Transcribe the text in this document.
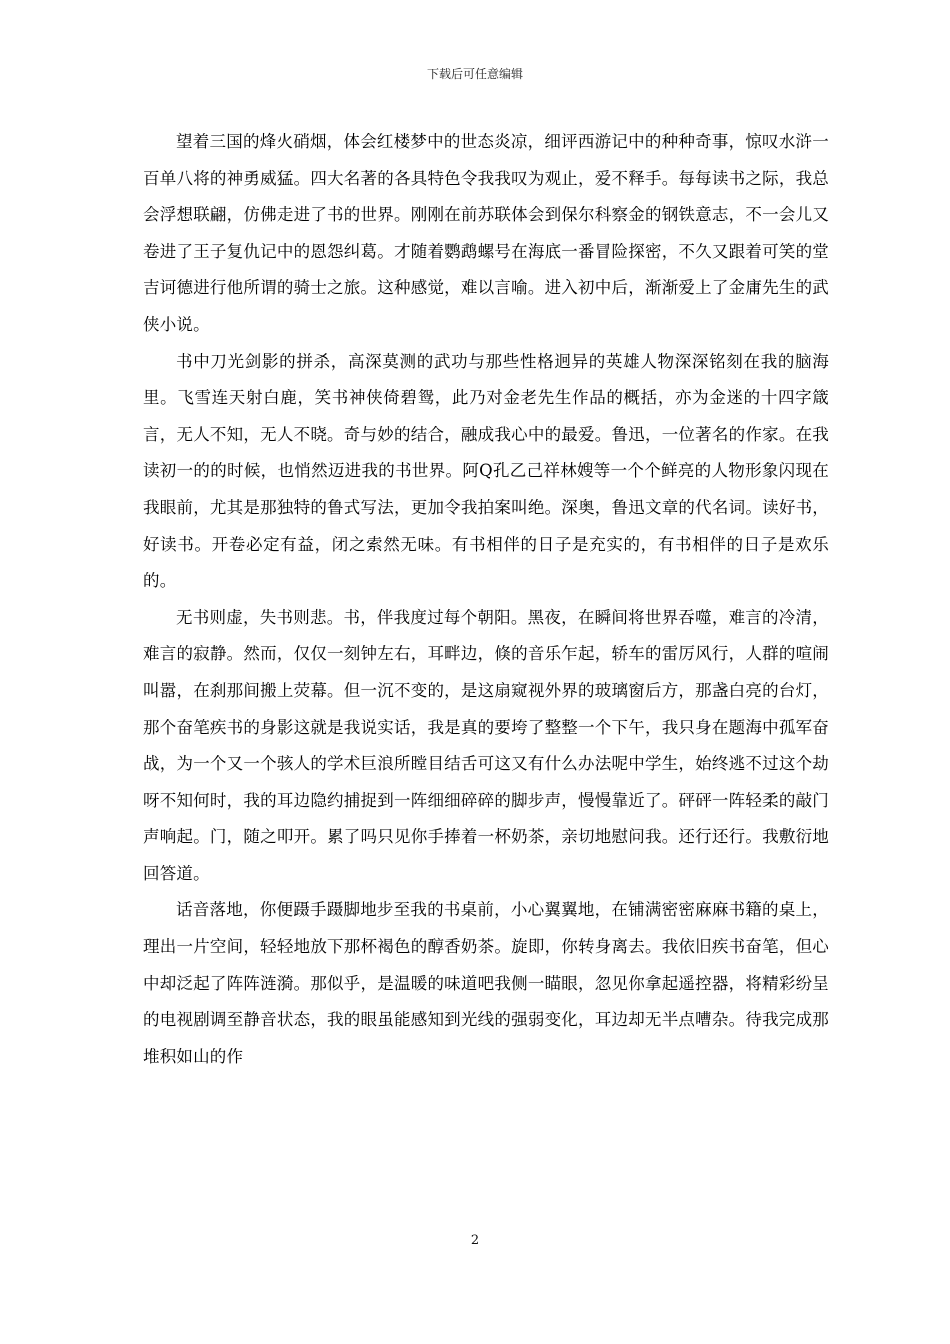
下载后可任意编辑

望着三国的烽火硝烟，体会红楼梦中的世态炎凉，细评西游记中的种种奇事，惊叹水浒一百单八将的神勇威猛。四大名著的各具特色令我我叹为观止，爱不释手。每每读书之际，我总会浮想联翩，仿佛走进了书的世界。刚刚在前苏联体会到保尔科察金的钢铁意志，不一会儿又卷进了王子复仇记中的恩怨纠葛。才随着鹦鹉螺号在海底一番冒险探密，不久又跟着可笑的堂吉诃德进行他所谓的骑士之旅。这种感觉，难以言喻。进入初中后，渐渐爱上了金庸先生的武侠小说。

书中刀光剑影的拼杀，高深莫测的武功与那些性格迥异的英雄人物深深铭刻在我的脑海里。飞雪连天射白鹿，笑书神侠倚碧鸳，此乃对金老先生作品的概括，亦为金迷的十四字箴言，无人不知，无人不晓。奇与妙的结合，融成我心中的最爱。鲁迅，一位著名的作家。在我读初一的的时候，也悄然迈进我的书世界。阿Q孔乙己祥林嫂等一个个鲜亮的人物形象闪现在我眼前，尤其是那独特的鲁式写法，更加令我拍案叫绝。深奥，鲁迅文章的代名词。读好书，好读书。开卷必定有益，闭之索然无味。有书相伴的日子是充实的，有书相伴的日子是欢乐的。

无书则虚，失书则悲。书，伴我度过每个朝阳。黑夜，在瞬间将世界吞噬，难言的冷清，难言的寂静。然而，仅仅一刻钟左右，耳畔边，倏的音乐乍起，轿车的雷厉风行，人群的喧闹叫嚣，在刹那间搬上荧幕。但一沉不变的，是这扇窥视外界的玻璃窗后方，那盏白亮的台灯，那个奋笔疾书的身影这就是我说实话，我是真的要垮了整整一个下午，我只身在题海中孤军奋战，为一个又一个骇人的学术巨浪所瞠目结舌可这又有什么办法呢中学生，始终逃不过这个劫呀不知何时，我的耳边隐约捕捉到一阵细细碎碎的脚步声，慢慢靠近了。砰砰一阵轻柔的敲门声响起。门，随之叩开。累了吗只见你手捧着一杯奶茶，亲切地慰问我。还行还行。我敷衍地回答道。

话音落地，你便蹑手蹑脚地步至我的书桌前，小心翼翼地，在铺满密密麻麻书籍的桌上，理出一片空间，轻轻地放下那杯褐色的醇香奶茶。旋即，你转身离去。我依旧疾书奋笔，但心中却泛起了阵阵涟漪。那似乎，是温暖的味道吧我侧一瞄眼，忽见你拿起遥控器，将精彩纷呈的电视剧调至静音状态，我的眼虽能感知到光线的强弱变化，耳边却无半点嘈杂。待我完成那堆积如山的作

2
